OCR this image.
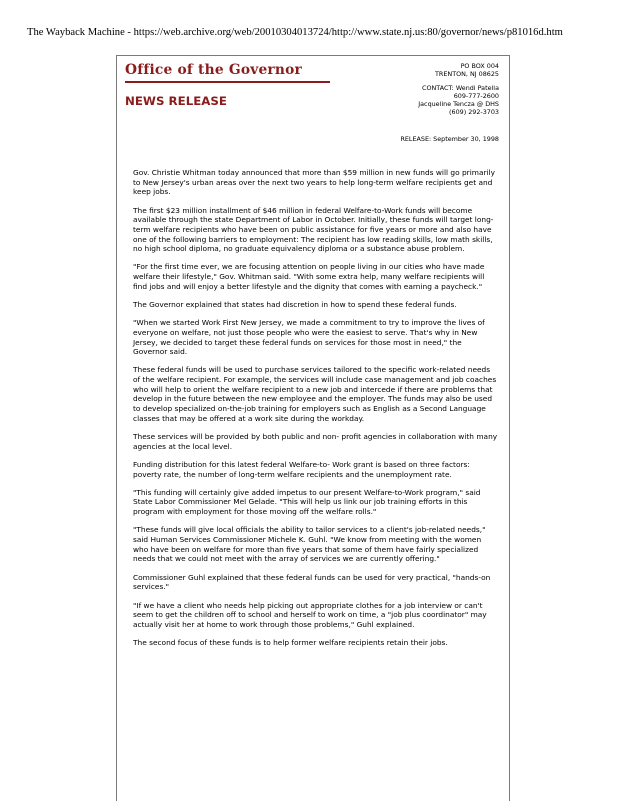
The Wayback Machine - https://web.archive.org/web/20010304013724/http://www.state.nj.us:80/governor/news/p81016d.htm
Office of the Governor
NEWS RELEASE
PO BOX 004
TRENTON, NJ 08625
CONTACT: Wendi Patella
609-777-2600
Jacqueline Tencza @ DHS
(609) 292-3703
RELEASE: September 30, 1998

Gov. Christie Whitman today announced that more than $59 million in new funds will go primarily to New Jersey's urban areas over the next two years to help long-term welfare recipients get and keep jobs.

The first $23 million installment of $46 million in federal Welfare-to-Work funds will become available through the state Department of Labor in October. Initially, these funds will target long-term welfare recipients who have been on public assistance for five years or more and also have one of the following barriers to employment: The recipient has low reading skills, low math skills, no high school diploma, no graduate equivalency diploma or a substance abuse problem.

"For the first time ever, we are focusing attention on people living in our cities who have made welfare their lifestyle," Gov. Whitman said. "With some extra help, many welfare recipients will find jobs and will enjoy a better lifestyle and the dignity that comes with earning a paycheck."

The Governor explained that states had discretion in how to spend these federal funds.

"When we started Work First New Jersey, we made a commitment to try to improve the lives of everyone on welfare, not just those people who were the easiest to serve. That's why in New Jersey, we decided to target these federal funds on services for those most in need," the Governor said.

These federal funds will be used to purchase services tailored to the specific work-related needs of the welfare recipient. For example, the services will include case management and job coaches who will help to orient the welfare recipient to a new job and intercede if there are problems that develop in the future between the new employee and the employer. The funds may also be used to develop specialized on-the-job training for employers such as English as a Second Language classes that may be offered at a work site during the workday.

These services will be provided by both public and non- profit agencies in collaboration with many agencies at the local level.

Funding distribution for this latest federal Welfare-to- Work grant is based on three factors: poverty rate, the number of long-term welfare recipients and the unemployment rate.

"This funding will certainly give added impetus to our present Welfare-to-Work program," said State Labor Commissioner Mel Gelade. "This will help us link our job training efforts in this program with employment for those moving off the welfare rolls."

"These funds will give local officials the ability to tailor services to a client's job-related needs," said Human Services Commissioner Michele K. Guhl. "We know from meeting with the women who have been on welfare for more than five years that some of them have fairly specialized needs that we could not meet with the array of services we are currently offering."

Commissioner Guhl explained that these federal funds can be used for very practical, "hands-on services."

"If we have a client who needs help picking out appropriate clothes for a job interview or can't seem to get the children off to school and herself to work on time, a "job plus coordinator" may actually visit her at home to work through those problems," Guhl explained.

The second focus of these funds is to help former welfare recipients retain their jobs.
